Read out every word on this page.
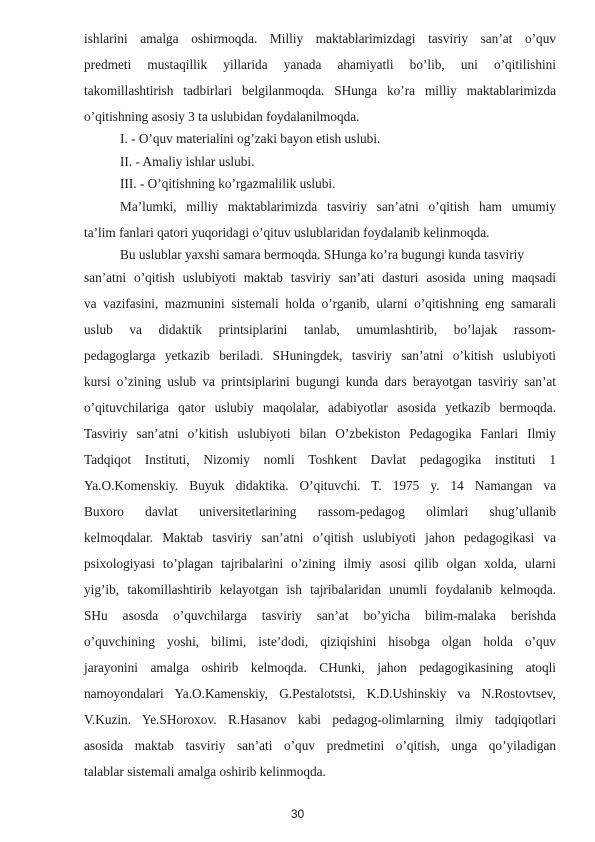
ishlarini amalga oshirmoqda. Milliy maktablarimizdagi tasviriy san’at o’quv
predmeti mustaqillik yillarida yanada ahamiyatli bo’lib, uni o’qitilishini
takomillashtirish tadbirlari belgilanmoqda. SHunga ko’ra milliy maktablarimizda
o’qitishning asosiy 3 ta uslubidan foydalanilmoqda.
I. - O’quv materialini og’zaki bayon etish uslubi.
II. - Amaliy ishlar uslubi.
III. - O’qitishning ko’rgazmalilik uslubi.
Ma’lumki, milliy maktablarimizda tasviriy san’atni o’qitish ham umumiy
ta’lim fanlari qatori yuqoridagi o’qituv uslublaridan foydalanib kelinmoqda.
Bu uslublar yaxshi samara bermoqda. SHunga ko’ra bugungi kunda tasviriy
san’atni o’qitish uslubiyoti maktab tasviriy san’ati dasturi asosida uning maqsadi
va vazifasini, mazmunini sistemali holda o’rganib, ularni o’qitishning eng samarali
uslub va didaktik printsiplarini tanlab, umumlashtirib, bo’lajak rassom-
pedagoglarga yetkazib beriladi. SHuningdek, tasviriy san’atni o’kitish uslubiyoti
kursi o’zining uslub va printsiplarini bugungi kunda dars berayotgan tasviriy san’at
o’qituvchilariga qator uslubiy maqolalar, adabiyotlar asosida yetkazib bermoqda.
Tasviriy san’atni o’kitish uslubiyoti bilan O’zbekiston Pedagogika Fanlari Ilmiy
Tadqiqot Instituti, Nizomiy nomli Toshkent Davlat pedagogika instituti 1
Ya.O.Komenskiy. Buyuk didaktika. O’qituvchi. T. 1975 y. 14 Namangan va
Buxoro davlat universitetlarining rassom-pedagog olimlari shug’ullanib
kelmoqdalar. Maktab tasviriy san’atni o’qitish uslubiyoti jahon pedagogikasi va
psixologiyasi to’plagan tajribalarini o’zining ilmiy asosi qilib olgan xolda, ularni
yig’ib, takomillashtirib kelayotgan ish tajribalaridan unumli foydalanib kelmoqda.
SHu asosda o’quvchilarga tasviriy san’at bo’yicha bilim-malaka berishda
o’quvchining yoshi, bilimi, iste’dodi, qiziqishini hisobga olgan holda o’quv
jarayonini amalga oshirib kelmoqda. CHunki, jahon pedagogikasining atoqli
namoyondalari Ya.O.Kamenskiy, G.Pestalotstsi, K.D.Ushinskiy va N.Rostovtsev,
V.Kuzin. Ye.SHoroxov. R.Hasanov kabi pedagog-olimlarning ilmiy tadqiqotlari
asosida maktab tasviriy san’ati o’quv predmetini o’qitish, unga qo’yiladigan
talablar sistemali amalga oshirib kelinmoqda.
30
